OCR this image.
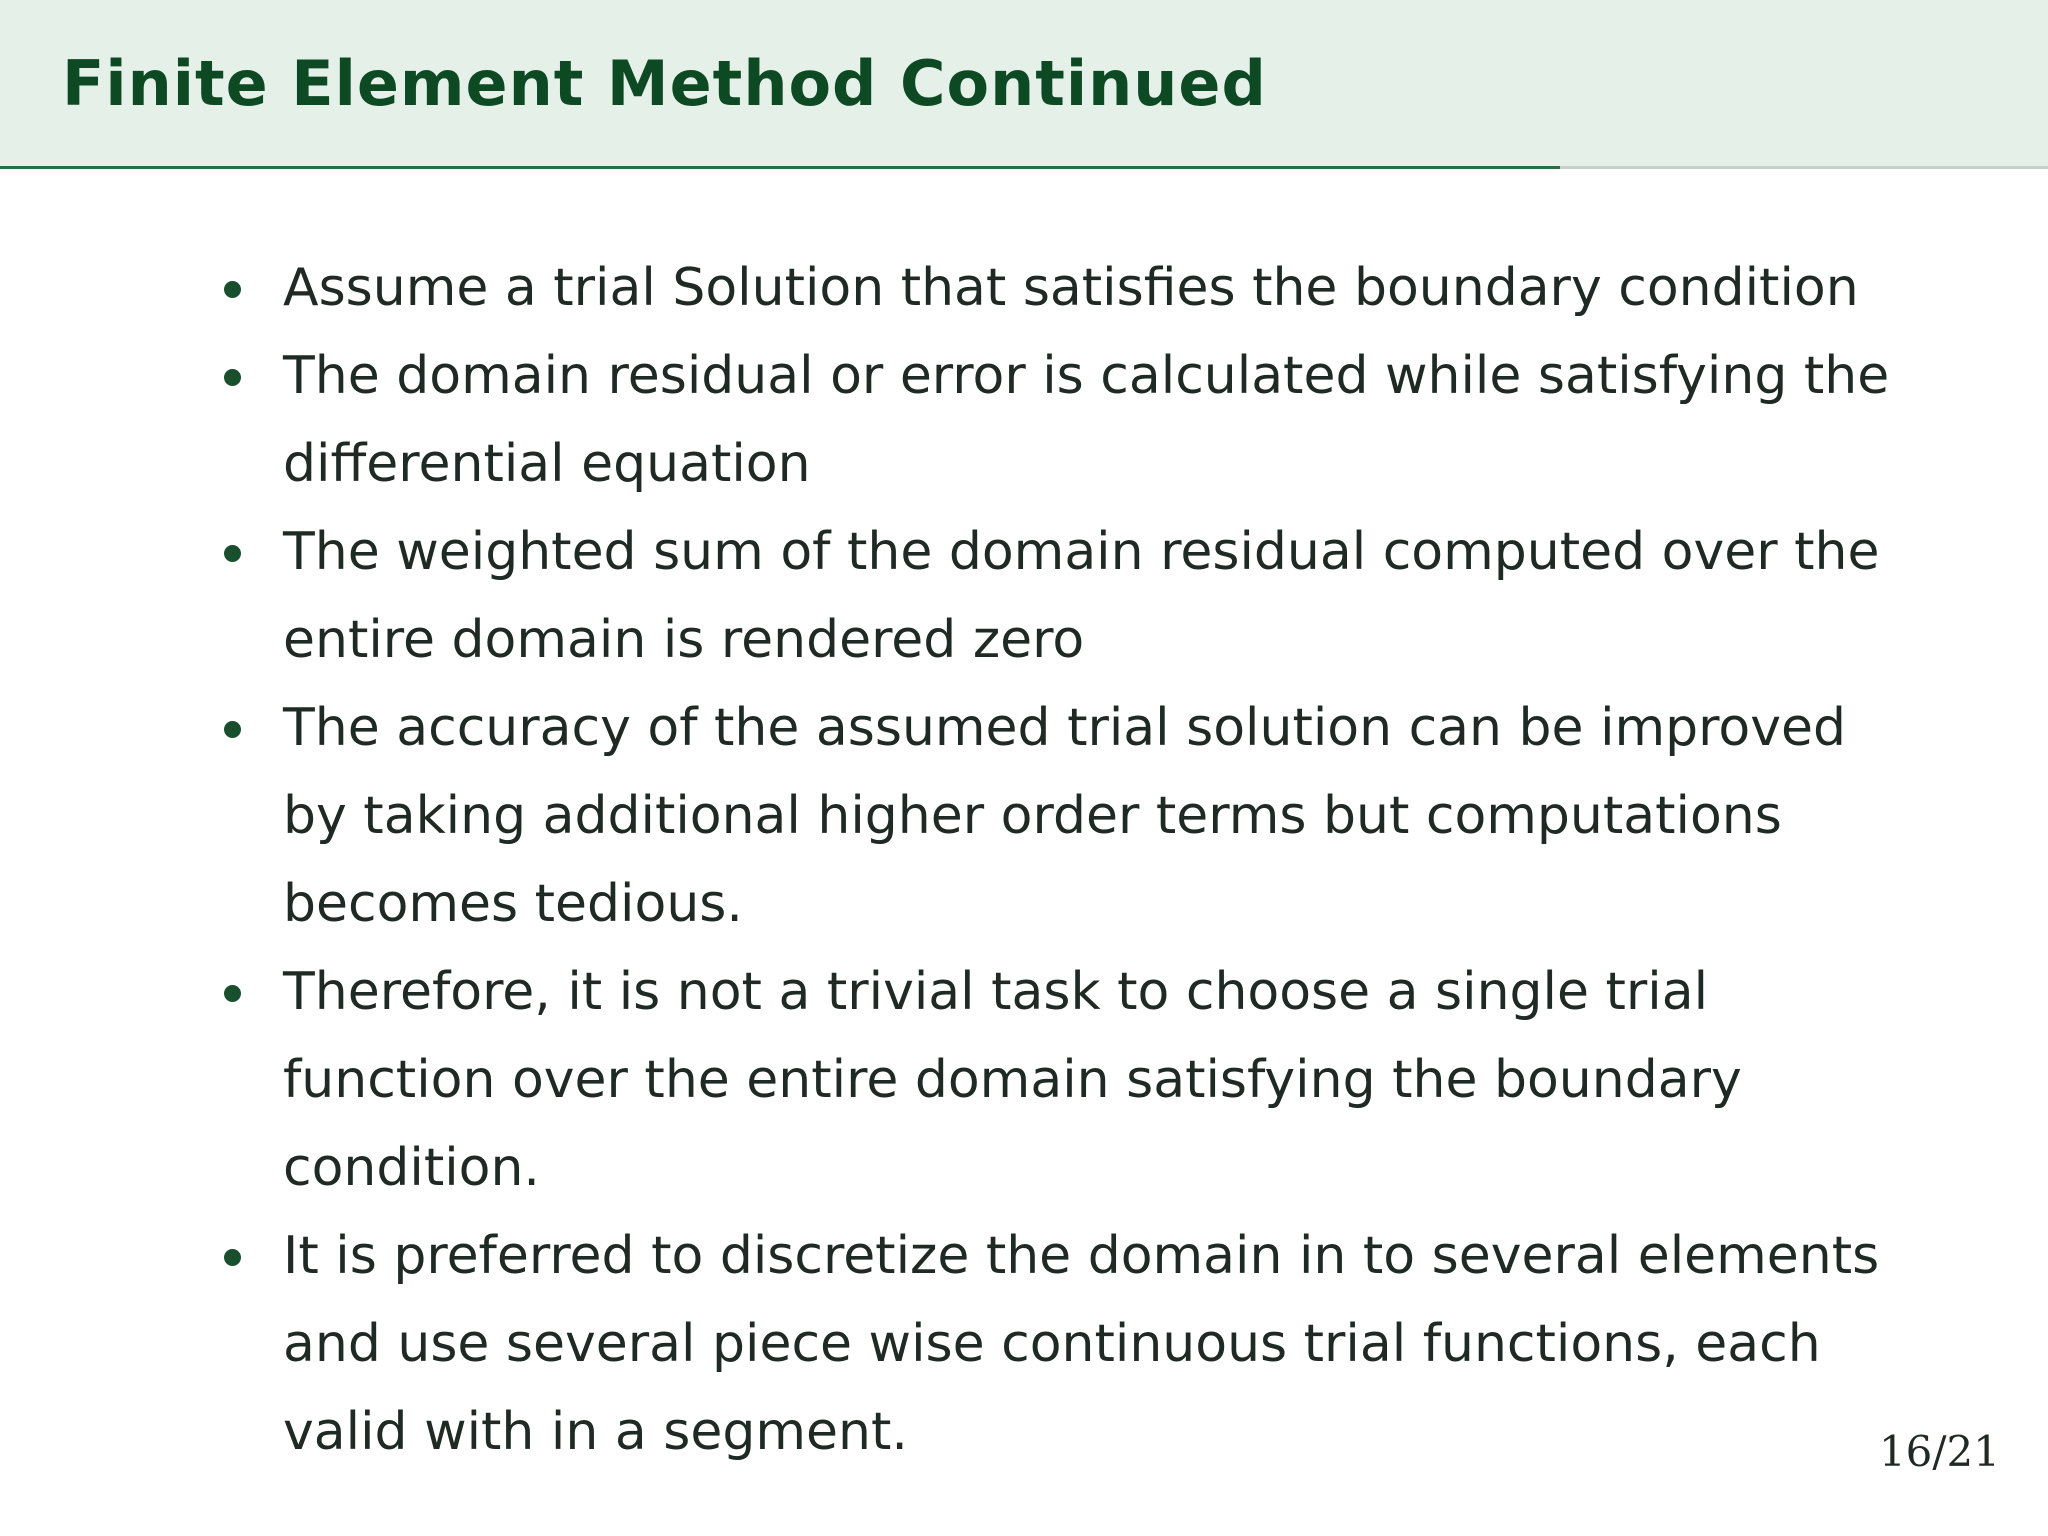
Finite Element Method Continued
Assume a trial Solution that satisfies the boundary condition
The domain residual or error is calculated while satisfying the differential equation
The weighted sum of the domain residual computed over the entire domain is rendered zero
The accuracy of the assumed trial solution can be improved by taking additional higher order terms but computations becomes tedious.
Therefore, it is not a trivial task to choose a single trial function over the entire domain satisfying the boundary condition.
It is preferred to discretize the domain in to several elements and use several piece wise continuous trial functions, each valid with in a segment.	16/21
